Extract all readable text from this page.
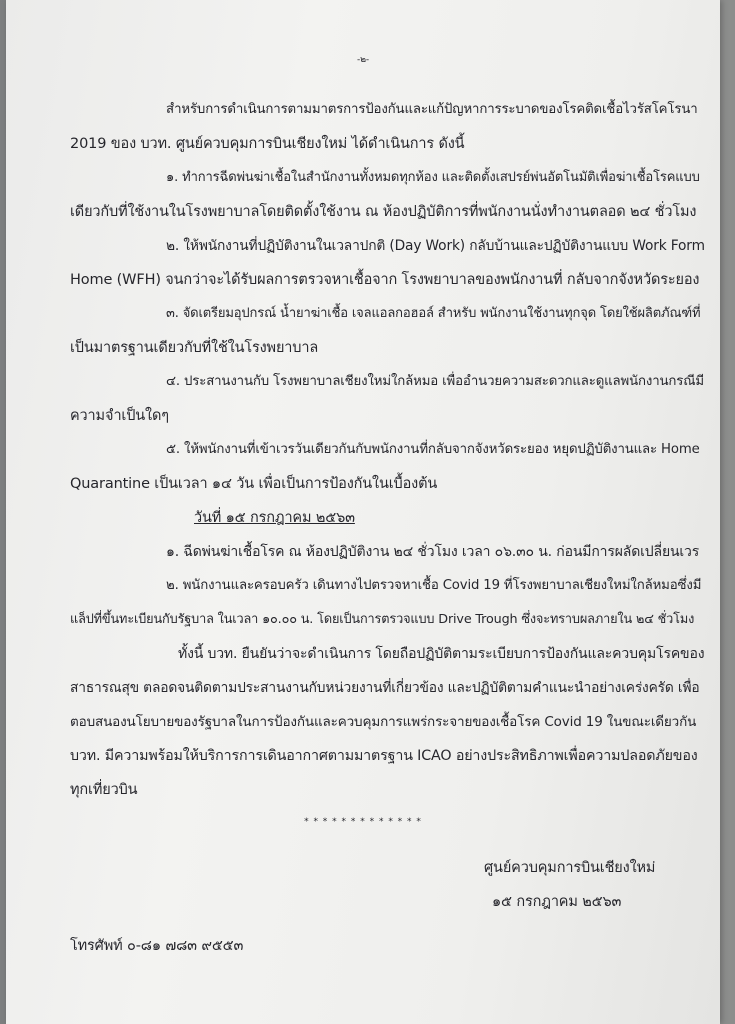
-๒-
สำหรับการดำเนินการตามมาตรการป้องกันและแก้ปัญหาการระบาดของโรคติดเชื้อไวรัสโคโรนา
2019 ของ บวท. ศูนย์ควบคุมการบินเชียงใหม่ ได้ดำเนินการ ดังนี้
๑. ทำการฉีดพ่นฆ่าเชื้อในสำนักงานทั้งหมดทุกห้อง และติดตั้งเสปรย์พ่นอัตโนมัติเพื่อฆ่าเชื้อโรคแบบ
เดียวกับที่ใช้งานในโรงพยาบาลโดยติดตั้งใช้งาน ณ ห้องปฏิบัติการที่พนักงานนั่งทำงานตลอด ๒๔ ชั่วโมง
๒. ให้พนักงานที่ปฏิบัติงานในเวลาปกติ (Day Work) กลับบ้านและปฏิบัติงานแบบ Work Form
Home (WFH) จนกว่าจะได้รับผลการตรวจหาเชื้อจาก โรงพยาบาลของพนักงานที่ กลับจากจังหวัดระยอง
๓. จัดเตรียมอุปกรณ์ น้ำยาฆ่าเชื้อ เจลแอลกอฮอล์ สำหรับ พนักงานใช้งานทุกจุด โดยใช้ผลิตภัณฑ์ที่
เป็นมาตรฐานเดียวกับที่ใช้ในโรงพยาบาล
๔. ประสานงานกับ โรงพยาบาลเชียงใหม่ใกล้หมอ เพื่ออำนวยความสะดวกและดูแลพนักงานกรณีมี
ความจำเป็นใดๆ
๕. ให้พนักงานที่เข้าเวรวันเดียวกันกับพนักงานที่กลับจากจังหวัดระยอง หยุดปฏิบัติงานและ Home
Quarantine เป็นเวลา ๑๔ วัน เพื่อเป็นการป้องกันในเบื้องต้น
วันที่ ๑๕ กรกฎาคม ๒๕๖๓
๑. ฉีดพ่นฆ่าเชื้อโรค ณ ห้องปฏิบัติงาน ๒๔ ชั่วโมง เวลา ๐๖.๓๐ น. ก่อนมีการผลัดเปลี่ยนเวร
๒. พนักงานและครอบครัว เดินทางไปตรวจหาเชื้อ Covid 19 ที่โรงพยาบาลเชียงใหม่ใกล้หมอซึ่งมี
แล็ปที่ขึ้นทะเบียนกับรัฐบาล ในเวลา ๑๐.๐๐ น. โดยเป็นการตรวจแบบ Drive Trough ซึ่งจะทราบผลภายใน ๒๔ ชั่วโมง
ทั้งนี้ บวท. ยืนยันว่าจะดำเนินการ โดยถือปฏิบัติตามระเบียบการป้องกันและควบคุมโรคของ
สาธารณสุข ตลอดจนติดตามประสานงานกับหน่วยงานที่เกี่ยวข้อง และปฏิบัติตามคำแนะนำอย่างเคร่งครัด เพื่อ
ตอบสนองนโยบายของรัฐบาลในการป้องกันและควบคุมการแพร่กระจายของเชื้อโรค Covid 19 ในขณะเดียวกัน
บวท. มีความพร้อมให้บริการการเดินอากาศตามมาตรฐาน ICAO อย่างประสิทธิภาพเพื่อความปลอดภัยของ
ทุกเที่ยวบิน
* * * * * * * * * * * * *
ศูนย์ควบคุมการบินเชียงใหม่
๑๕ กรกฎาคม ๒๕๖๓
โทรศัพท์ ๐-๘๑ ๗๘๓ ๙๕๕๓
